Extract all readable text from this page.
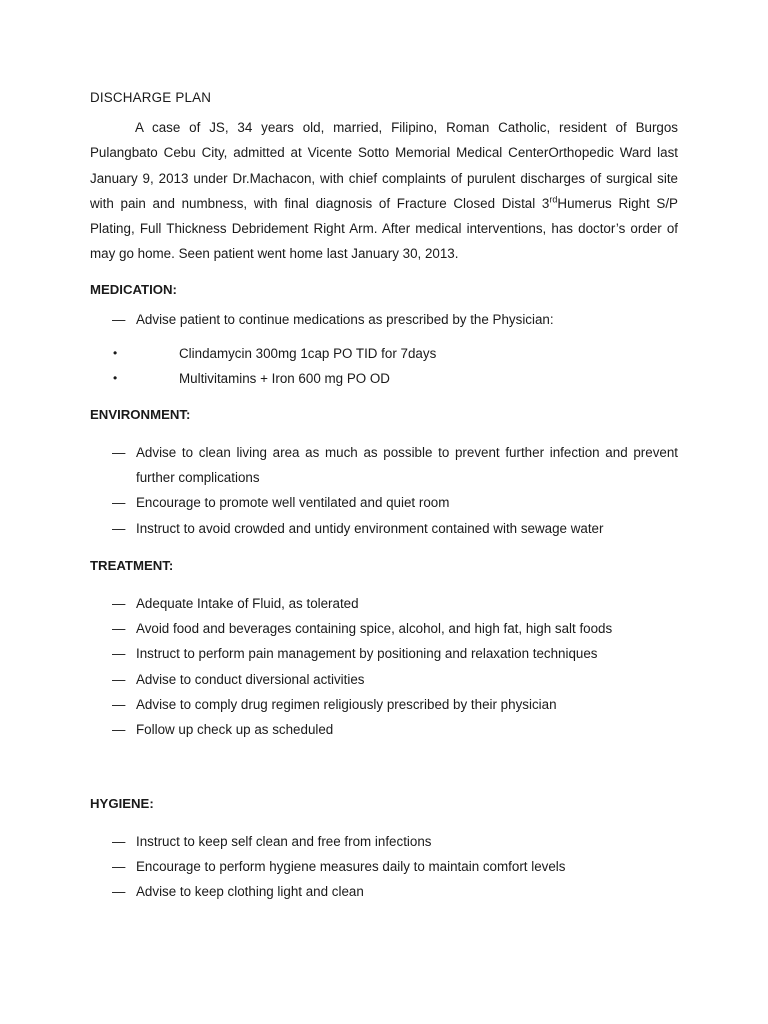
DISCHARGE PLAN

A case of JS, 34 years old, married, Filipino, Roman Catholic, resident of Burgos Pulangbato Cebu City, admitted at Vicente Sotto Memorial Medical CenterOrthopedic Ward last January 9, 2013 under Dr.Machacon, with chief complaints of purulent discharges of surgical site with pain and numbness, with final diagnosis of Fracture Closed Distal 3rdHumerus Right S/P Plating, Full Thickness Debridement Right Arm. After medical interventions, has doctor’s order of may go home. Seen patient went home last January 30, 2013.

MEDICATION:
— Advise patient to continue medications as prescribed by the Physician:
•	Clindamycin 300mg 1cap PO TID for 7days
•	Multivitamins + Iron 600 mg PO OD
ENVIRONMENT:
— Advise to clean living area as much as possible to prevent further infection and prevent further complications
— Encourage to promote well ventilated and quiet room
— Instruct to avoid crowded and untidy environment contained with sewage water
TREATMENT:
— Adequate Intake of Fluid, as tolerated
— Avoid food and beverages containing spice, alcohol, and high fat, high salt foods
— Instruct to perform pain management by positioning and relaxation techniques
— Advise to conduct diversional activities
— Advise to comply drug regimen religiously prescribed by their physician
— Follow up check up as scheduled
HYGIENE:
— Instruct to keep self clean and free from infections
— Encourage to perform hygiene measures daily to maintain comfort levels
— Advise to keep clothing light and clean
